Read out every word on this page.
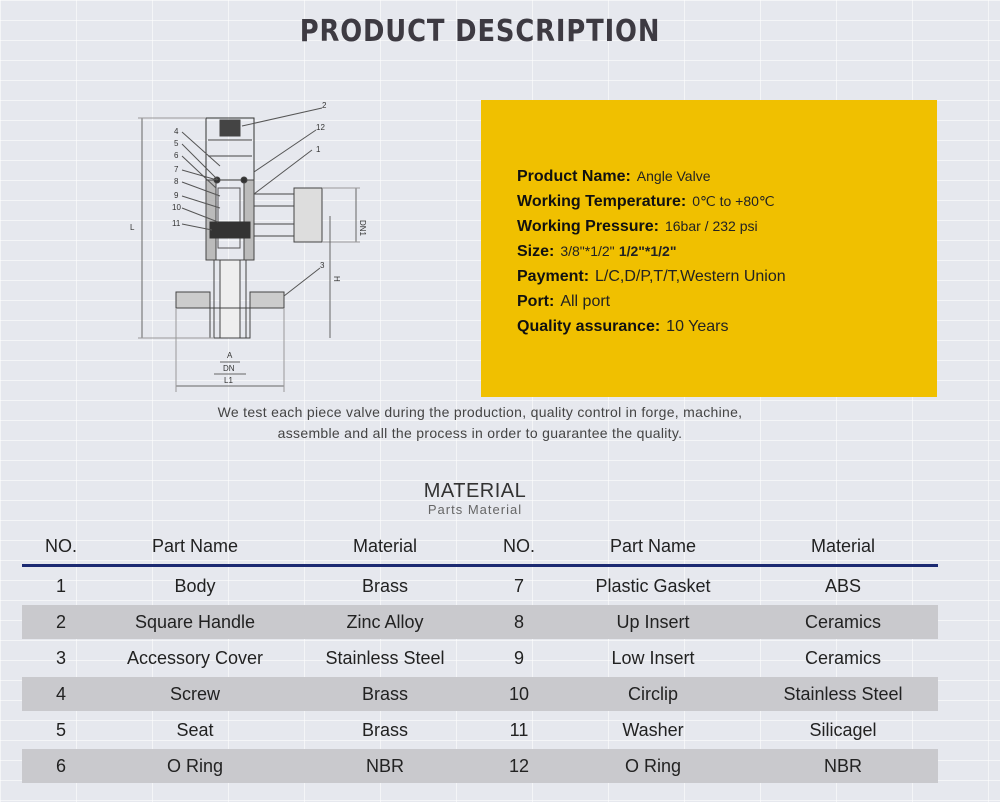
PRODUCT DESCRIPTION
2
12
1
4
5
6
7
8
9
10
11
3
L	DN1
H
A
DN
L1
Product Name: Angle Valve
Working Temperature: 0℃ to +80℃
Working Pressure: 16bar / 232 psi
Size: 3/8"*1/2" 1/2"*1/2"
Payment: L/C,D/P,T/T,Western Union
Port: All port
Quality assurance: 10 Years
We test each piece valve during the production, quality control in forge, machine,
assemble and all the process in order to guarantee the quality.
MATERIAL
Parts Material
NO.	Part Name	Material	NO.	Part Name	Material
1	Body	Brass	7	Plastic Gasket	ABS
2	Square Handle	Zinc Alloy	8	Up Insert	Ceramics
3	Accessory Cover	Stainless Steel	9	Low Insert	Ceramics
4	Screw	Brass	10	Circlip	Stainless Steel
5	Seat	Brass	11	Washer	Silicagel
6	O Ring	NBR	12	O Ring	NBR
